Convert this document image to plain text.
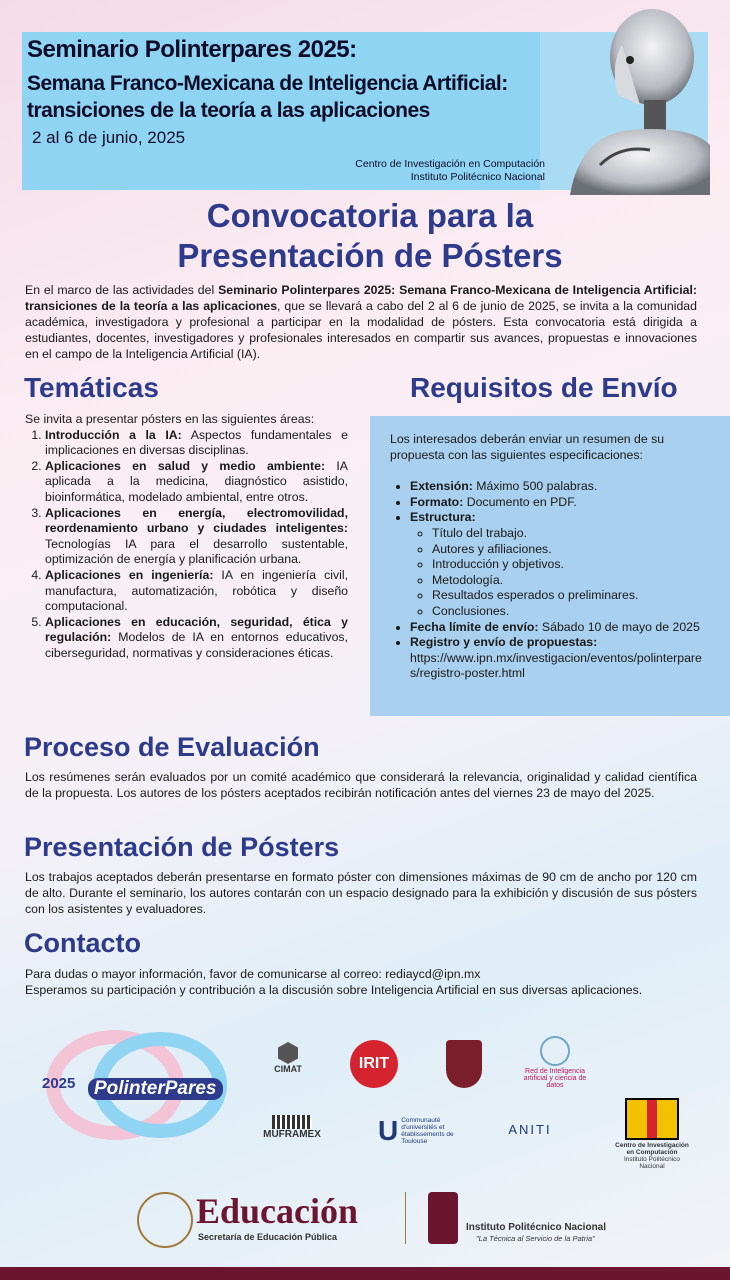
Seminario Polinterpares 2025:
Semana Franco-Mexicana de Inteligencia Artificial:
transiciones de la teoría a las aplicaciones
2 al 6 de junio, 2025
Centro de Investigación en Computación
Instituto Politécnico Nacional
Convocatoria para la
Presentación de Pósters
En el marco de las actividades del Seminario Polinterpares 2025: Semana Franco-Mexicana de Inteligencia Artificial: transiciones de la teoría a las aplicaciones, que se llevará a cabo del 2 al 6 de junio de 2025, se invita a la comunidad académica, investigadora y profesional a participar en la modalidad de pósters. Esta convocatoria está dirigida a estudiantes, docentes, investigadores y profesionales interesados en compartir sus avances, propuestas e innovaciones en el campo de la Inteligencia Artificial (IA).
Temáticas
Se invita a presentar pósters en las siguientes áreas:
1. Introducción a la IA: Aspectos fundamentales e implicaciones en diversas disciplinas.
2. Aplicaciones en salud y medio ambiente: IA aplicada a la medicina, diagnóstico asistido, bioinformática, modelado ambiental, entre otros.
3. Aplicaciones en energía, electromovilidad, reordenamiento urbano y ciudades inteligentes: Tecnologías IA para el desarrollo sustentable, optimización de energía y planificación urbana.
4. Aplicaciones en ingeniería: IA en ingeniería civil, manufactura, automatización, robótica y diseño computacional.
5. Aplicaciones en educación, seguridad, ética y regulación: Modelos de IA en entornos educativos, ciberseguridad, normativas y consideraciones éticas.
Requisitos de Envío
Los interesados deberán enviar un resumen de su propuesta con las siguientes especificaciones:
• Extensión: Máximo 500 palabras.
• Formato: Documento en PDF.
• Estructura:
◦ Título del trabajo.
◦ Autores y afiliaciones.
◦ Introducción y objetivos.
◦ Metodología.
◦ Resultados esperados o preliminares.
◦ Conclusiones.
• Fecha límite de envío: Sábado 10 de mayo de 2025
• Registro y envío de propuestas:
https://www.ipn.mx/investigacion/eventos/polinterpares/registro-poster.html
Proceso de Evaluación
Los resúmenes serán evaluados por un comité académico que considerará la relevancia, originalidad y calidad científica de la propuesta. Los autores de los pósters aceptados recibirán notificación antes del viernes 23 de mayo del 2025.
Presentación de Pósters
Los trabajos aceptados deberán presentarse en formato póster con dimensiones máximas de 90 cm de ancho por 120 cm de alto. Durante el seminario, los autores contarán con un espacio designado para la exhibición y discusión de sus pósters con los asistentes y evaluadores.
Contacto
Para dudas o mayor información, favor de comunicarse al correo: rediaycd@ipn.mx
Esperamos su participación y contribución a la discusión sobre Inteligencia Artificial en sus diversas aplicaciones.
2025 PolinterPares
CIMAT	IRIT	Red de Inteligencia artificial y ciencia de datos
MUFRAMEX	U Communauté d'universités et établissements de Toulouse
ANITI
Centro de Investigación en Computación
Instituto Politécnico Nacional
Educación
Secretaría de Educación Pública
Instituto Politécnico Nacional
"La Técnica al Servicio de la Patria"
